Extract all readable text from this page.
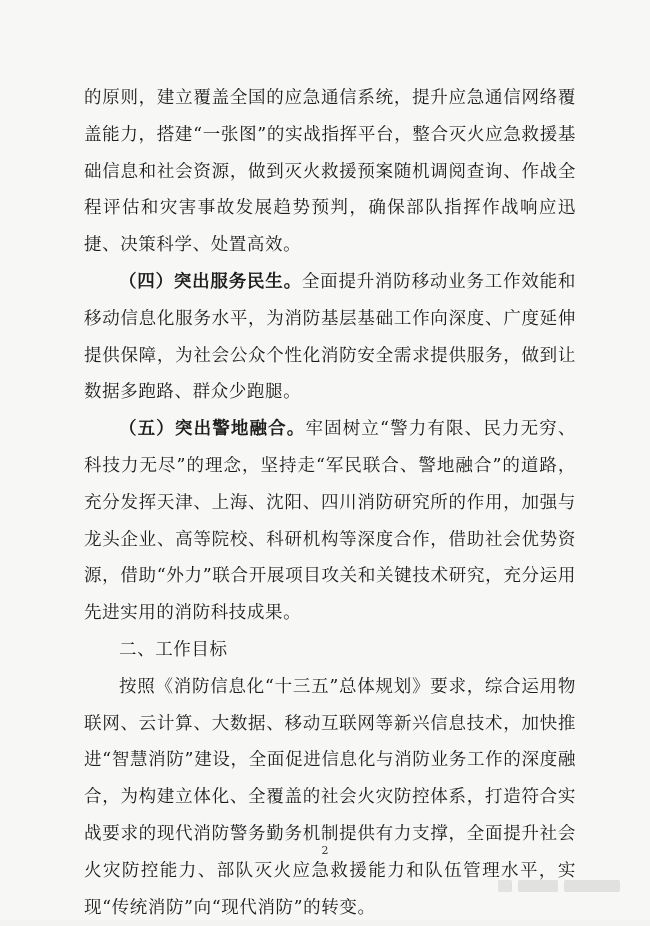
的原则，建立覆盖全国的应急通信系统，提升应急通信网络覆盖能力，搭建“一张图”的实战指挥平台，整合灭火应急救援基础信息和社会资源，做到灭火救援预案随机调阅查询、作战全程评估和灾害事故发展趋势预判，确保部队指挥作战响应迅捷、决策科学、处置高效。

（四）突出服务民生。全面提升消防移动业务工作效能和移动信息化服务水平，为消防基层基础工作向深度、广度延伸提供保障，为社会公众个性化消防安全需求提供服务，做到让数据多跑路、群众少跑腿。

（五）突出警地融合。牢固树立“警力有限、民力无穷、科技力无尽”的理念，坚持走“军民联合、警地融合”的道路，充分发挥天津、上海、沈阳、四川消防研究所的作用，加强与龙头企业、高等院校、科研机构等深度合作，借助社会优势资源，借助“外力”联合开展项目攻关和关键技术研究，充分运用先进实用的消防科技成果。

二、工作目标

按照《消防信息化“十三五”总体规划》要求，综合运用物联网、云计算、大数据、移动互联网等新兴信息技术，加快推进“智慧消防”建设，全面促进信息化与消防业务工作的深度融合，为构建立体化、全覆盖的社会火灾防控体系，打造符合实战要求的现代消防警务勤务机制提供有力支撑，全面提升社会火灾防控能力、部队灭火应急救援能力和队伍管理水平，实现“传统消防”向“现代消防”的转变。

2
